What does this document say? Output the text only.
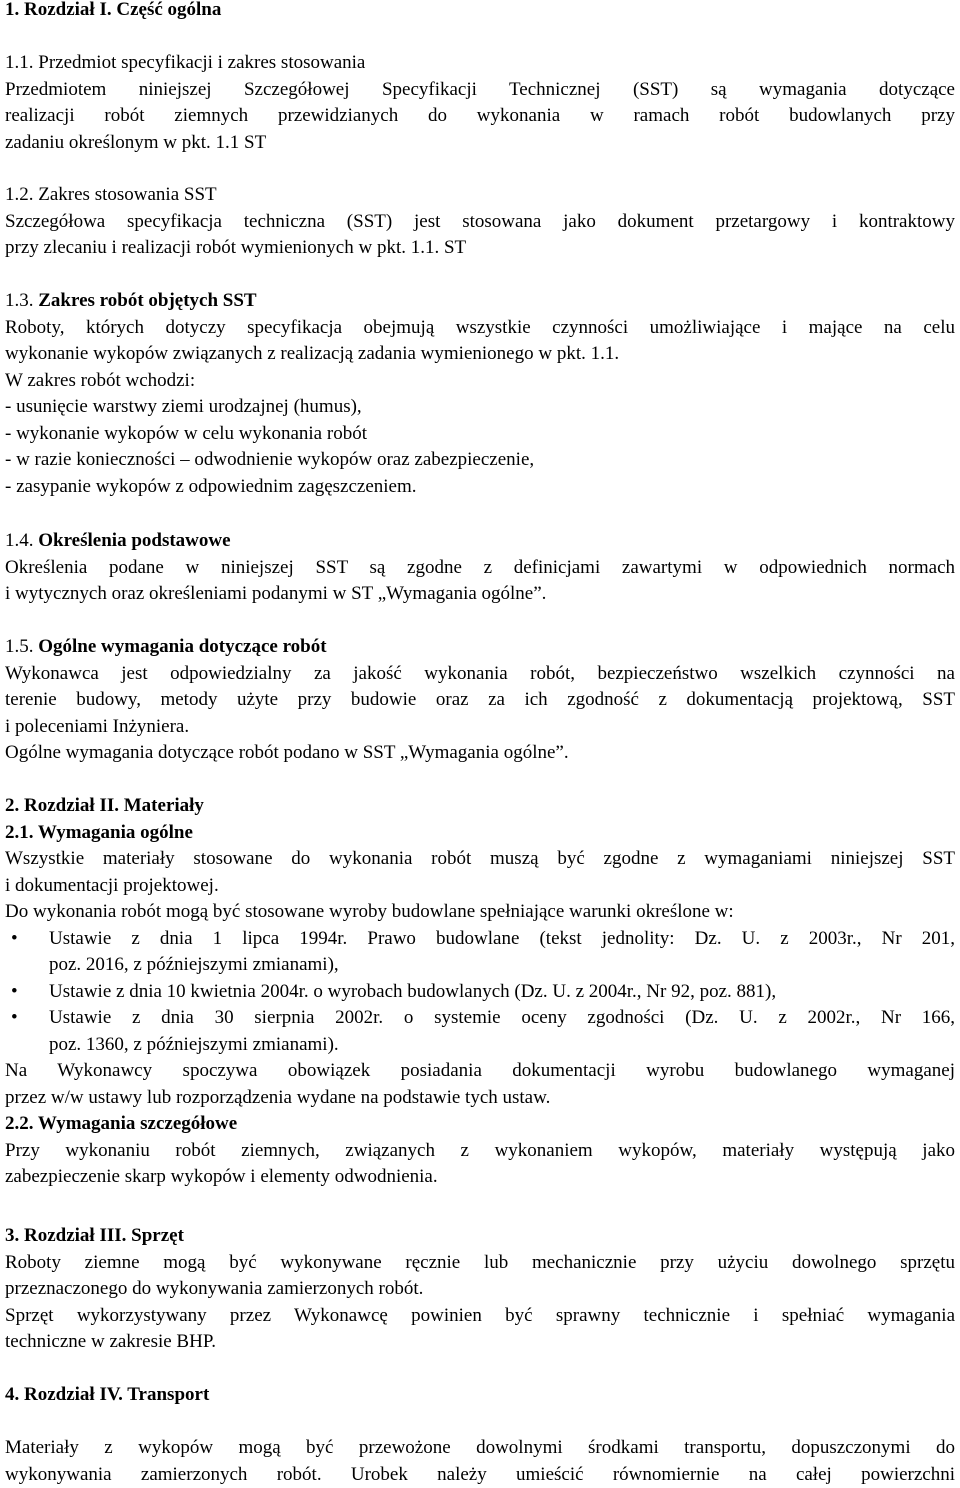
1. Rozdział I. Część ogólna
1.1. Przedmiot specyfikacji i zakres stosowania
Przedmiotem niniejszej Szczegółowej Specyfikacji Technicznej (SST) są wymagania dotyczące
realizacji robót ziemnych przewidzianych do wykonania w ramach robót budowlanych przy
zadaniu określonym w pkt. 1.1 ST
1.2. Zakres stosowania SST
Szczegółowa specyfikacja techniczna (SST) jest stosowana jako dokument przetargowy i kontraktowy
przy zlecaniu i realizacji robót wymienionych w pkt. 1.1. ST
1.3. Zakres robót objętych SST
Roboty, których dotyczy specyfikacja obejmują wszystkie czynności umożliwiające i mające na celu
wykonanie wykopów związanych z realizacją zadania wymienionego w pkt. 1.1.
W zakres robót wchodzi:
- usunięcie warstwy ziemi urodzajnej (humus),
- wykonanie wykopów w celu wykonania robót
- w razie konieczności – odwodnienie wykopów oraz zabezpieczenie,
- zasypanie wykopów z odpowiednim zagęszczeniem.
1.4. Określenia podstawowe
Określenia podane w niniejszej SST są zgodne z definicjami zawartymi w odpowiednich normach
i wytycznych oraz określeniami podanymi w ST „Wymagania ogólne”.
1.5. Ogólne wymagania dotyczące robót
Wykonawca jest odpowiedzialny za jakość wykonania robót, bezpieczeństwo wszelkich czynności na
terenie budowy, metody użyte przy budowie oraz za ich zgodność z dokumentacją projektową, SST
i poleceniami Inżyniera.
Ogólne wymagania dotyczące robót podano w SST „Wymagania ogólne”.
2. Rozdział II. Materiały
2.1. Wymagania ogólne
Wszystkie materiały stosowane do wykonania robót muszą być zgodne z wymaganiami niniejszej SST
i dokumentacji projektowej.
Do wykonania robót mogą być stosowane wyroby budowlane spełniające warunki określone w:
• Ustawie z dnia 1 lipca 1994r. Prawo budowlane (tekst jednolity: Dz. U. z 2003r., Nr 201,
poz. 2016, z późniejszymi zmianami),
• Ustawie z dnia 10 kwietnia 2004r. o wyrobach budowlanych (Dz. U. z 2004r., Nr 92, poz. 881),
• Ustawie z dnia 30 sierpnia 2002r. o systemie oceny zgodności (Dz. U. z 2002r., Nr 166,
poz. 1360, z późniejszymi zmianami).
Na Wykonawcy spoczywa obowiązek posiadania dokumentacji wyrobu budowlanego wymaganej
przez w/w ustawy lub rozporządzenia wydane na podstawie tych ustaw.
2.2. Wymagania szczegółowe
Przy wykonaniu robót ziemnych, związanych z wykonaniem wykopów, materiały występują jako
zabezpieczenie skarp wykopów i elementy odwodnienia.
3. Rozdział III. Sprzęt
Roboty ziemne mogą być wykonywane ręcznie lub mechanicznie przy użyciu dowolnego sprzętu
przeznaczonego do wykonywania zamierzonych robót.
Sprzęt wykorzystywany przez Wykonawcę powinien być sprawny technicznie i spełniać wymagania
techniczne w zakresie BHP.
4. Rozdział IV. Transport
Materiały z wykopów mogą być przewożone dowolnymi środkami transportu, dopuszczonymi do
wykonywania zamierzonych robót. Urobek należy umieścić równomiernie na całej powierzchni
